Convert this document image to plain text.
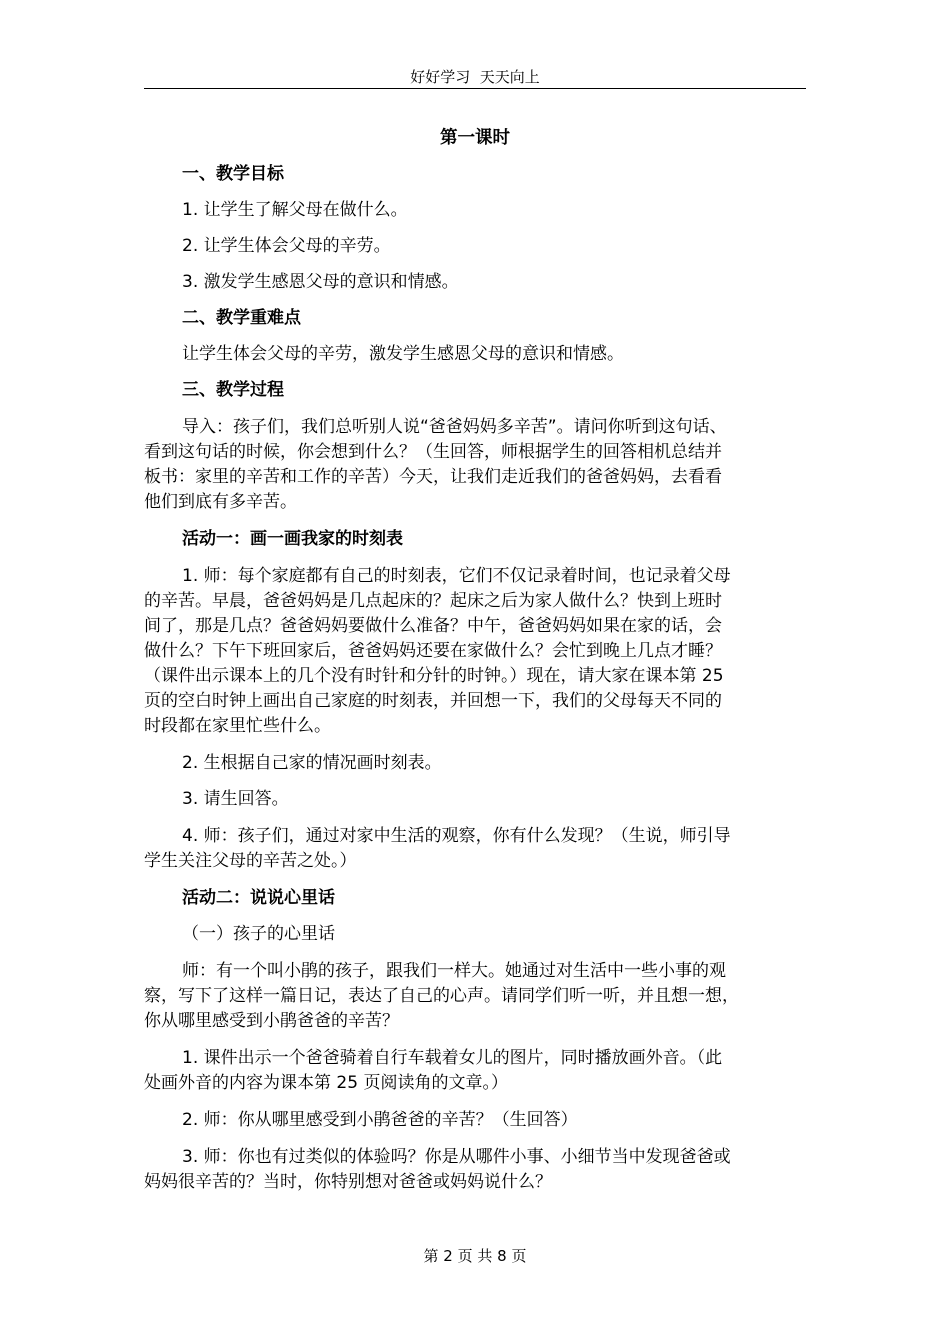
好好学习  天天向上
第一课时
一、教学目标
1. 让学生了解父母在做什么。
2. 让学生体会父母的辛劳。
3. 激发学生感恩父母的意识和情感。
二、教学重难点
让学生体会父母的辛劳，激发学生感恩父母的意识和情感。
三、教学过程
导入：孩子们，我们总听别人说“爸爸妈妈多辛苦”。请问你听到这句话、
看到这句话的时候，你会想到什么？（生回答，师根据学生的回答相机总结并
板书：家里的辛苦和工作的辛苦）今天，让我们走近我们的爸爸妈妈，去看看
他们到底有多辛苦。
活动一：画一画我家的时刻表
1. 师：每个家庭都有自己的时刻表，它们不仅记录着时间，也记录着父母
的辛苦。早晨，爸爸妈妈是几点起床的？起床之后为家人做什么？快到上班时
间了，那是几点？爸爸妈妈要做什么准备？中午，爸爸妈妈如果在家的话，会
做什么？下午下班回家后，爸爸妈妈还要在家做什么？会忙到晚上几点才睡？
（课件出示课本上的几个没有时针和分针的时钟。）现在，请大家在课本第 25
页的空白时钟上画出自己家庭的时刻表，并回想一下，我们的父母每天不同的
时段都在家里忙些什么。
2. 生根据自己家的情况画时刻表。
3. 请生回答。
4. 师：孩子们，通过对家中生活的观察，你有什么发现？（生说，师引导
学生关注父母的辛苦之处。）
活动二：说说心里话
（一）孩子的心里话
师：有一个叫小鹃的孩子，跟我们一样大。她通过对生活中一些小事的观
察，写下了这样一篇日记，表达了自己的心声。请同学们听一听，并且想一想，
你从哪里感受到小鹃爸爸的辛苦？
1. 课件出示一个爸爸骑着自行车载着女儿的图片，同时播放画外音。（此
处画外音的内容为课本第 25 页阅读角的文章。）
2. 师：你从哪里感受到小鹃爸爸的辛苦？（生回答）
3. 师：你也有过类似的体验吗？你是从哪件小事、小细节当中发现爸爸或
妈妈很辛苦的？当时，你特别想对爸爸或妈妈说什么？
第 2 页 共 8 页
